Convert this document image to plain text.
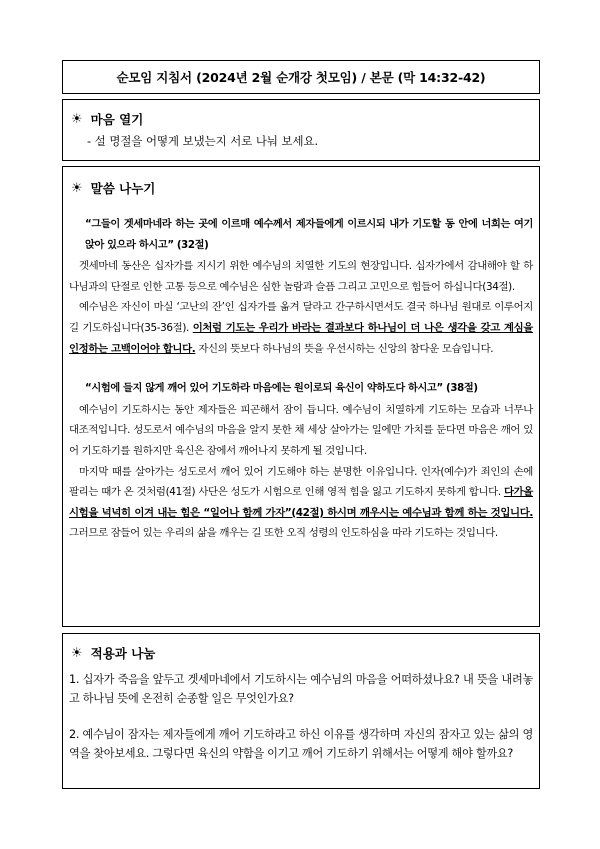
순모임 지침서 (2024년 2월 순개강 첫모임) / 본문 (막 14:32-42)
☀ 마음 열기
- 설 명절을 어떻게 보냈는지 서로 나눠 보세요.
☀ 말씀 나누기

“그들이 겟세마네라 하는 곳에 이르매 예수께서 제자들에게 이르시되 내가 기도할 동 안에 너희는 여기 앉아 있으라 하시고” (32절)

겟세마네 동산은 십자가를 지시기 위한 예수님의 치열한 기도의 현장입니다. 십자가에서 감내해야 할 하나님과의 단절로 인한 고통 등으로 예수님은 심한 놀람과 슬픔 그리고 고민으로 힘들어 하십니다(34절).

예수님은 자신이 마실 ‘고난의 잔’인 십자가를 옮겨 달라고 간구하시면서도 결국 하나님 원대로 이루어지길 기도하십니다(35-36절). 이처럼 기도는 우리가 바라는 결과보다 하나님이 더 나은 생각을 갖고 계심을 인정하는 고백이어야 합니다. 자신의 뜻보다 하나님의 뜻을 우선시하는 신앙의 참다운 모습입니다.

“시험에 들지 않게 깨어 있어 기도하라 마음에는 원이로되 육신이 약하도다 하시고” (38절)

예수님이 기도하시는 동안 제자들은 피곤해서 잠이 듭니다. 예수님이 치열하게 기도하는 모습과 너무나 대조적입니다. 성도로서 예수님의 마음을 알지 못한 채 세상 살아가는 일에만 가치를 둔다면 마음은 깨어 있어 기도하기를 원하지만 육신은 잠에서 깨어나지 못하게 될 것입니다.

마지막 때를 살아가는 성도로서 깨어 있어 기도해야 하는 분명한 이유입니다. 인자(예수)가 죄인의 손에 팔리는 때가 온 것처럼(41절) 사단은 성도가 시험으로 인해 영적 힘을 잃고 기도하지 못하게 합니다. 다가올 시험을 넉넉히 이겨 내는 힘은 “일어나 함께 가자”(42절) 하시며 깨우시는 예수님과 함께 하는 것입니다. 그러므로 잠들어 있는 우리의 삶을 깨우는 길 또한 오직 성령의 인도하심을 따라 기도하는 것입니다.

☀ 적용과 나눔

1. 십자가 죽음을 앞두고 겟세마네에서 기도하시는 예수님의 마음을 어떠하셨나요? 내 뜻을 내려놓고 하나님 뜻에 온전히 순종할 일은 무엇인가요?

2. 예수님이 잠자는 제자들에게 깨어 기도하라고 하신 이유를 생각하며 자신의 잠자고 있는 삶의 영역을 찾아보세요. 그렇다면 육신의 약함을 이기고 깨어 기도하기 위해서는 어떻게 해야 할까요?
